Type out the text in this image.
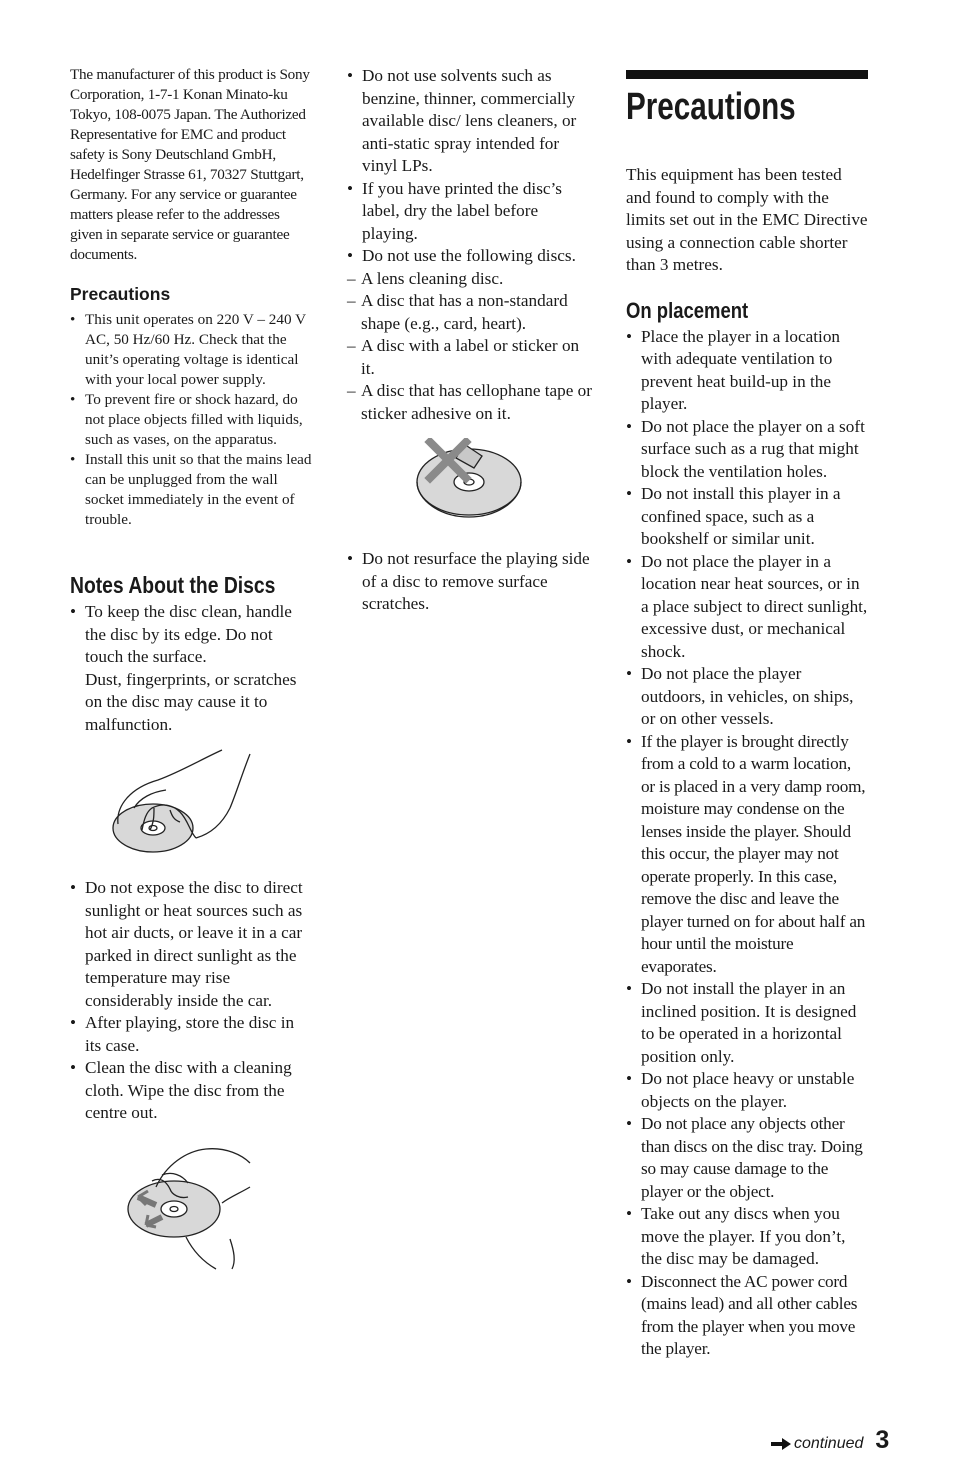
The manufacturer of this product is Sony Corporation, 1-7-1 Konan Minato-ku Tokyo, 108-0075 Japan. The Authorized Representative for EMC and product safety is Sony Deutschland GmbH, Hedelfinger Strasse 61, 70327 Stuttgart, Germany. For any service or guarantee matters please refer to the addresses given in separate service or guarantee documents.

Precautions
• This unit operates on 220 V – 240 V AC, 50 Hz/60 Hz. Check that the unit’s operating voltage is identical with your local power supply.
• To prevent fire or shock hazard, do not place objects filled with liquids, such as vases, on the apparatus.
• Install this unit so that the mains lead can be unplugged from the wall socket immediately in the event of trouble.
Notes About the Discs
• To keep the disc clean, handle the disc by its edge. Do not touch the surface.
Dust, fingerprints, or scratches on the disc may cause it to malfunction.
• Do not expose the disc to direct sunlight or heat sources such as hot air ducts, or leave it in a car parked in direct sunlight as the temperature may rise considerably inside the car.
• After playing, store the disc in its case.
• Clean the disc with a cleaning cloth. Wipe the disc from the centre out.
• Do not use solvents such as benzine, thinner, commercially available disc/ lens cleaners, or anti-static spray intended for vinyl LPs.
• If you have printed the disc’s label, dry the label before playing.
• Do not use the following discs.
– A lens cleaning disc.
– A disc that has a non-standard shape (e.g., card, heart).
– A disc with a label or sticker on it.
– A disc that has cellophane tape or sticker adhesive on it.
• Do not resurface the playing side of a disc to remove surface scratches.
Precautions

This equipment has been tested and found to comply with the limits set out in the EMC Directive using a connection cable shorter than 3 metres.

On placement
• Place the player in a location with adequate ventilation to prevent heat build-up in the player.
• Do not place the player on a soft surface such as a rug that might block the ventilation holes.
• Do not install this player in a confined space, such as a bookshelf or similar unit.
• Do not place the player in a location near heat sources, or in a place subject to direct sunlight, excessive dust, or mechanical shock.
• Do not place the player outdoors, in vehicles, on ships, or on other vessels.
• If the player is brought directly from a cold to a warm location, or is placed in a very damp room, moisture may condense on the lenses inside the player. Should this occur, the player may not operate properly. In this case, remove the disc and leave the player turned on for about half an hour until the moisture evaporates.
• Do not install the player in an inclined position. It is designed to be operated in a horizontal position only.
• Do not place heavy or unstable objects on the player.
• Do not place any objects other than discs on the disc tray. Doing so may cause damage to the player or the object.
• Take out any discs when you move the player. If you don’t, the disc may be damaged.
• Disconnect the AC power cord (mains lead) and all other cables from the player when you move the player.
continued 3
